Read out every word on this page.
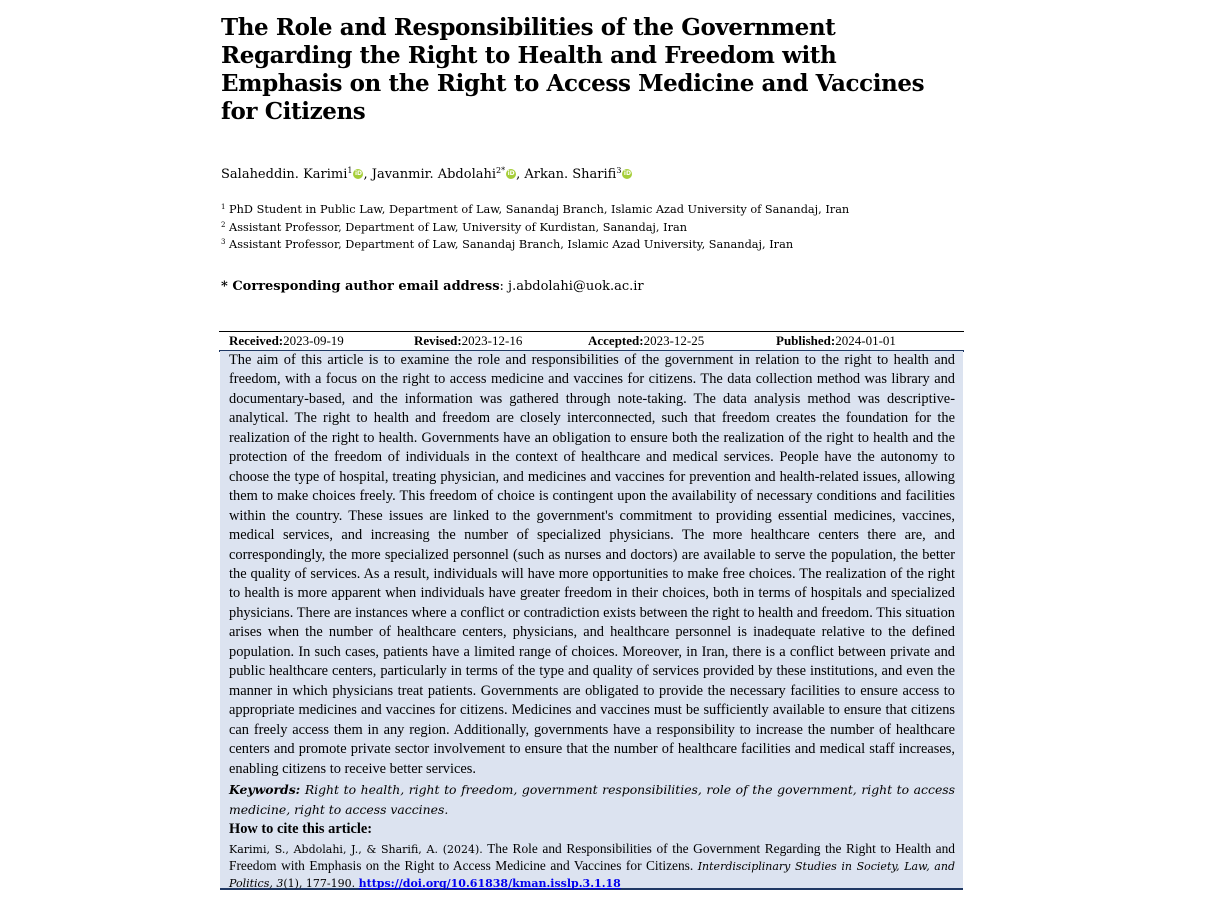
The Role and Responsibilities of the Government Regarding the Right to Health and Freedom with Emphasis on the Right to Access Medicine and Vaccines for Citizens
Salaheddin. Karimi$^1$ iD, Javanmir. Abdolahi$^{2*}$ iD, Arkan. Sharifi$^3$ iD
$^1$ PhD Student in Public Law, Department of Law, Sanandaj Branch, Islamic Azad University of Sanandaj, Iran
$^2$ Assistant Professor, Department of Law, University of Kurdistan, Sanandaj, Iran
$^3$ Assistant Professor, Department of Law, Sanandaj Branch, Islamic Azad University, Sanandaj, Iran
* Corresponding author email address: j.abdolahi@uok.ac.ir
Received: 2023-09-19	Revised: 2023-12-16	Accepted: 2023-12-25	Published: 2024-01-01

The aim of this article is to examine the role and responsibilities of the government in relation to the right to health and freedom, with a focus on the right to access medicine and vaccines for citizens. The data collection method was library and documentary-based, and the information was gathered through note-taking. The data analysis method was descriptive-analytical. The right to health and freedom are closely interconnected, such that freedom creates the foundation for the realization of the right to health. Governments have an obligation to ensure both the realization of the right to health and the protection of the freedom of individuals in the context of healthcare and medical services. People have the autonomy to choose the type of hospital, treating physician, and medicines and vaccines for prevention and health-related issues, allowing them to make choices freely. This freedom of choice is contingent upon the availability of necessary conditions and facilities within the country. These issues are linked to the government's commitment to providing essential medicines, vaccines, medical services, and increasing the number of specialized physicians. The more healthcare centers there are, and correspondingly, the more specialized personnel (such as nurses and doctors) are available to serve the population, the better the quality of services. As a result, individuals will have more opportunities to make free choices. The realization of the right to health is more apparent when individuals have greater freedom in their choices, both in terms of hospitals and specialized physicians. There are instances where a conflict or contradiction exists between the right to health and freedom. This situation arises when the number of healthcare centers, physicians, and healthcare personnel is inadequate relative to the defined population. In such cases, patients have a limited range of choices. Moreover, in Iran, there is a conflict between private and public healthcare centers, particularly in terms of the type and quality of services provided by these institutions, and even the manner in which physicians treat patients. Governments are obligated to provide the necessary facilities to ensure access to appropriate medicines and vaccines for citizens. Medicines and vaccines must be sufficiently available to ensure that citizens can freely access them in any region. Additionally, governments have a responsibility to increase the number of healthcare centers and promote private sector involvement to ensure that the number of healthcare facilities and medical staff increases, enabling citizens to receive better services.

Keywords: Right to health, right to freedom, government responsibilities, role of the government, right to access medicine, right to access vaccines.

How to cite this article:

Karimi, S., Abdolahi, J., & Sharifi, A. (2024). The Role and Responsibilities of the Government Regarding the Right to Health and Freedom with Emphasis on the Right to Access Medicine and Vaccines for Citizens. Interdisciplinary Studies in Society, Law, and Politics, 3(1), 177-190. https://doi.org/10.61838/kman.isslp.3.1.18
